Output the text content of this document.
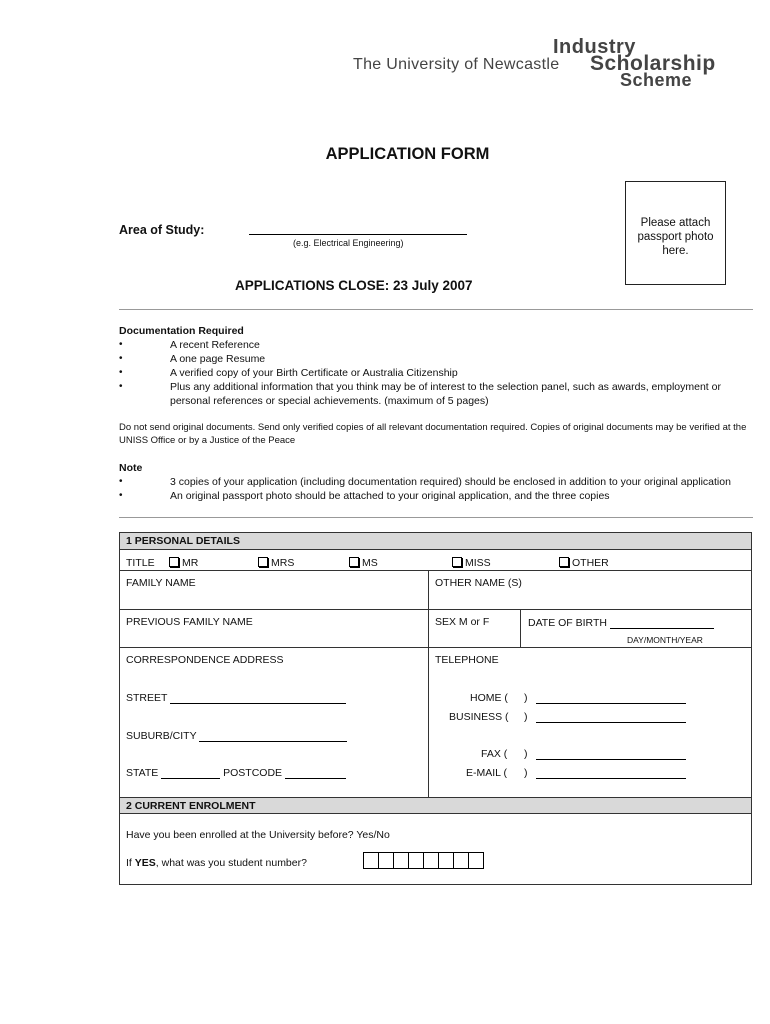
The University of Newcastle
Industry
Scholarship
Scheme
APPLICATION FORM
Please attach
passport photo
here.
Area of Study:
(e.g. Electrical Engineering)
APPLICATIONS CLOSE: 23 July 2007
Documentation Required
•	A recent Reference
•	A one page Resume
•	A verified copy of your Birth Certificate or Australia Citizenship
•	Plus any additional information that you think may be of interest to the selection panel, such as awards, employment or personal references or special achievements. (maximum of 5 pages)
Do not send original documents. Send only verified copies of all relevant documentation required. Copies of original documents may be verified at the UNISS Office or by a Justice of the Peace
Note
•	3 copies of your application (including documentation required) should be enclosed in addition to your original application
•	An original passport photo should be attached to your original application, and the three copies
1 PERSONAL DETAILS
TITLE	MR	MRS	MS	MISS	OTHER
FAMILY NAME	OTHER NAME (S)
PREVIOUS FAMILY NAME	SEX M or F	DATE OF BIRTH
DAY/MONTH/YEAR
CORRESPONDENCE ADDRESS	TELEPHONE
STREET
SUBURB/CITY
STATE	POSTCODE
HOME ( )
BUSINESS ( )
FAX ( )
E-MAIL ( )
2 CURRENT ENROLMENT
Have you been enrolled at the University before? Yes/No
If YES, what was you student number?
